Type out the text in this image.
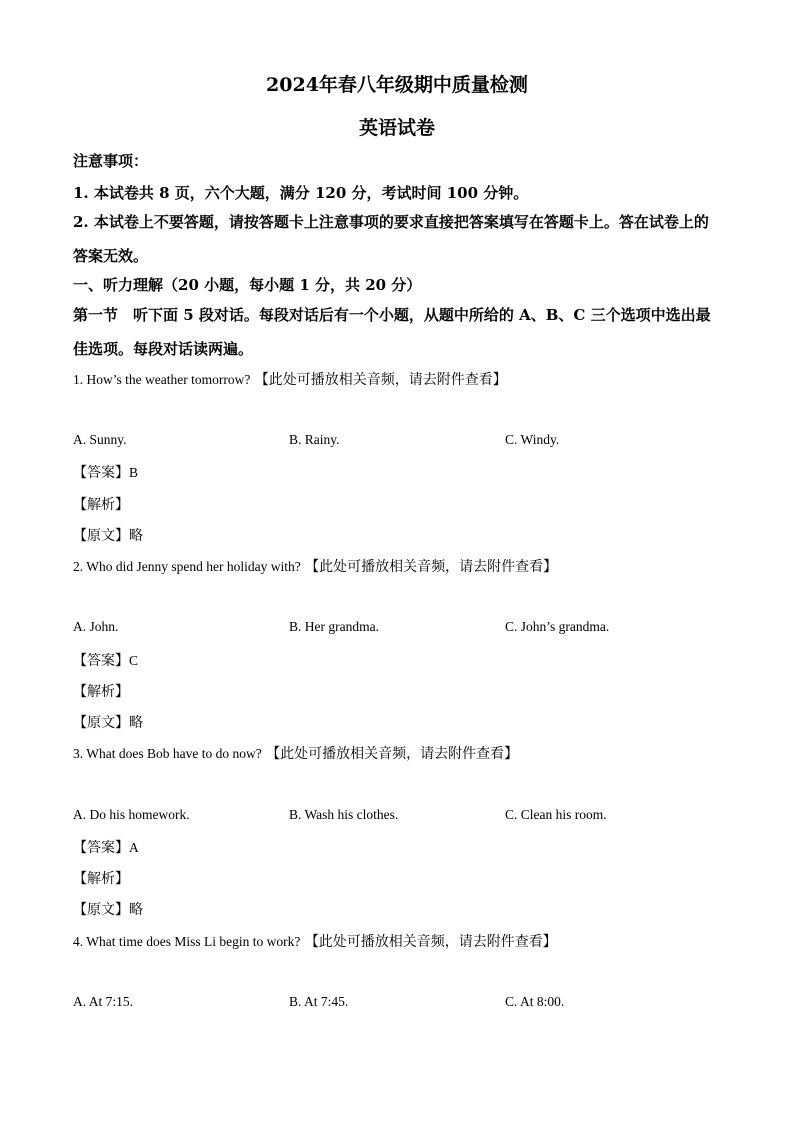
2024年春八年级期中质量检测
英语试卷
注意事项：
1. 本试卷共 8 页，六个大题，满分 120 分，考试时间 100 分钟。
2. 本试卷上不要答题，请按答题卡上注意事项的要求直接把答案填写在答题卡上。答在试卷上的答案无效。
一、听力理解（20 小题，每小题 1 分，共 20 分）
第一节　听下面 5 段对话。每段对话后有一个小题，从题中所给的 A、B、C 三个选项中选出最佳选项。每段对话读两遍。
1. How’s the weather tomorrow? 【此处可播放相关音频，请去附件查看】
A. Sunny.	B. Rainy.	C. Windy.
【答案】B
【解析】
【原文】略
2. Who did Jenny spend her holiday with? 【此处可播放相关音频，请去附件查看】
A. John.	B. Her grandma.	C. John’s grandma.
【答案】C
【解析】
【原文】略
3. What does Bob have to do now? 【此处可播放相关音频，请去附件查看】
A. Do his homework.	B. Wash his clothes.	C. Clean his room.
【答案】A
【解析】
【原文】略
4. What time does Miss Li begin to work? 【此处可播放相关音频，请去附件查看】
A. At 7:15.	B. At 7:45.	C. At 8:00.
